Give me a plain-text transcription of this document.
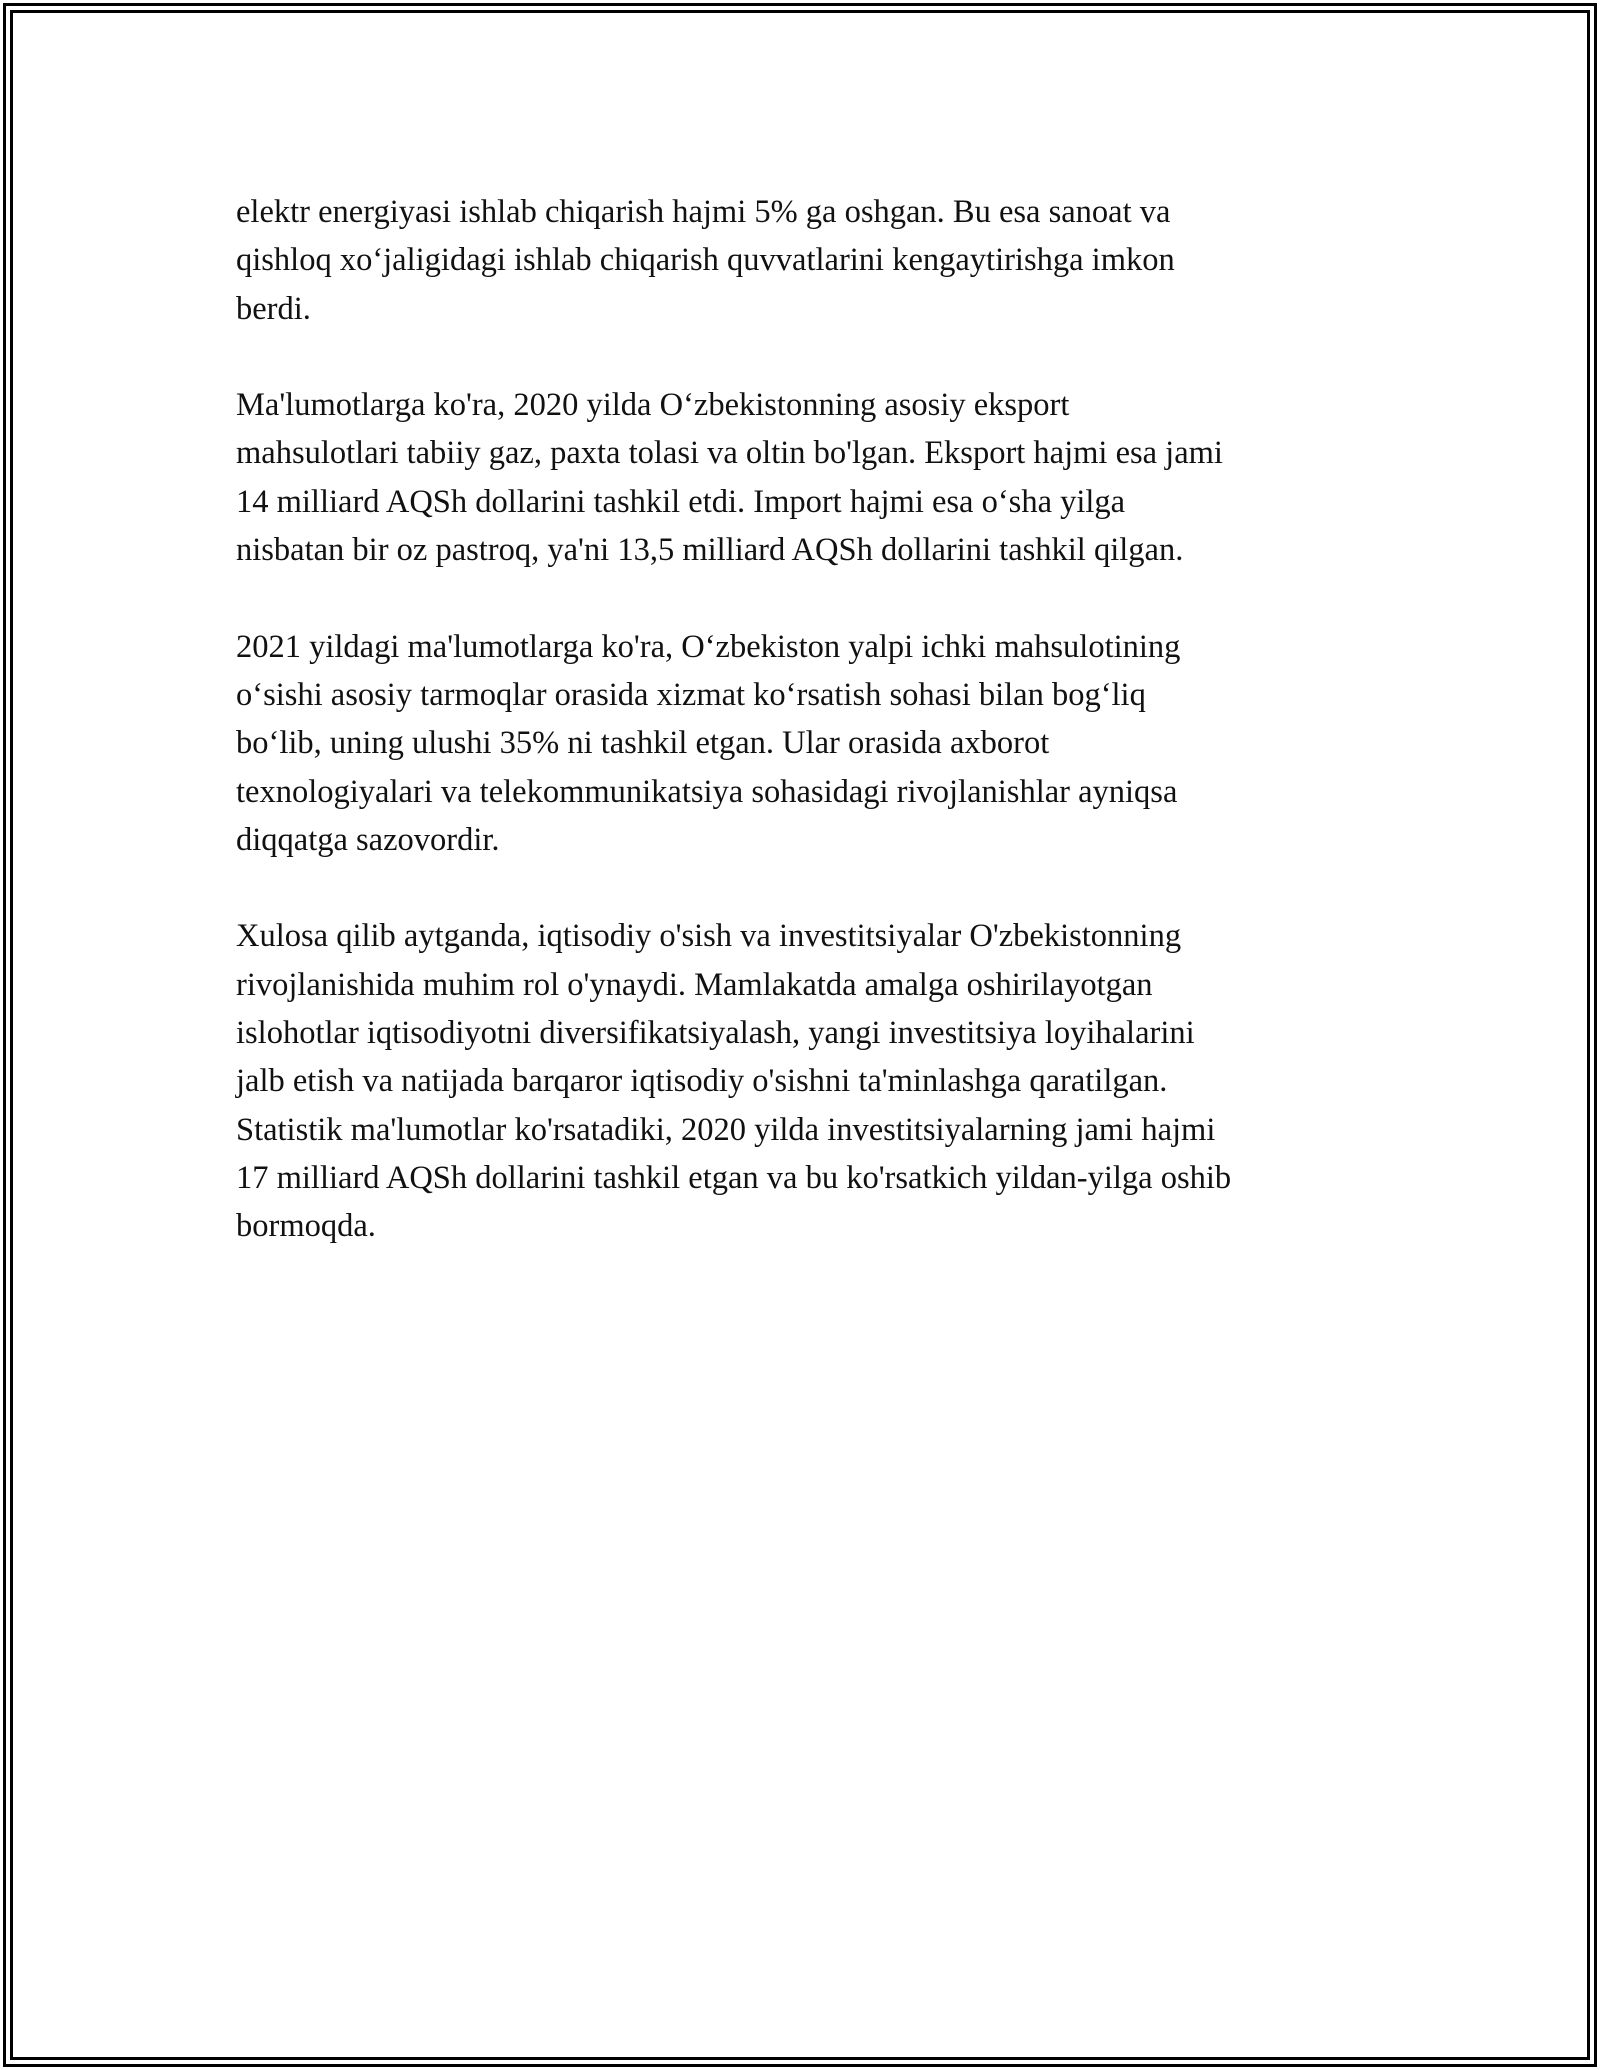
elektr energiyasi ishlab chiqarish hajmi 5% ga oshgan. Bu esa sanoat va
qishloq xo‘jaligidagi ishlab chiqarish quvvatlarini kengaytirishga imkon
berdi.

Ma'lumotlarga ko'ra, 2020 yilda O‘zbekistonning asosiy eksport
mahsulotlari tabiiy gaz, paxta tolasi va oltin bo'lgan. Eksport hajmi esa jami
14 milliard AQSh dollarini tashkil etdi. Import hajmi esa o‘sha yilga
nisbatan bir oz pastroq, ya'ni 13,5 milliard AQSh dollarini tashkil qilgan.

2021 yildagi ma'lumotlarga ko'ra, O‘zbekiston yalpi ichki mahsulotining
o‘sishi asosiy tarmoqlar orasida xizmat ko‘rsatish sohasi bilan bog‘liq
bo‘lib, uning ulushi 35% ni tashkil etgan. Ular orasida axborot
texnologiyalari va telekommunikatsiya sohasidagi rivojlanishlar ayniqsa
diqqatga sazovordir.

Xulosa qilib aytganda, iqtisodiy o'sish va investitsiyalar O'zbekistonning
rivojlanishida muhim rol o'ynaydi. Mamlakatda amalga oshirilayotgan
islohotlar iqtisodiyotni diversifikatsiyalash, yangi investitsiya loyihalarini
jalb etish va natijada barqaror iqtisodiy o'sishni ta'minlashga qaratilgan.
Statistik ma'lumotlar ko'rsatadiki, 2020 yilda investitsiyalarning jami hajmi
17 milliard AQSh dollarini tashkil etgan va bu ko'rsatkich yildan-yilga oshib
bormoqda.
